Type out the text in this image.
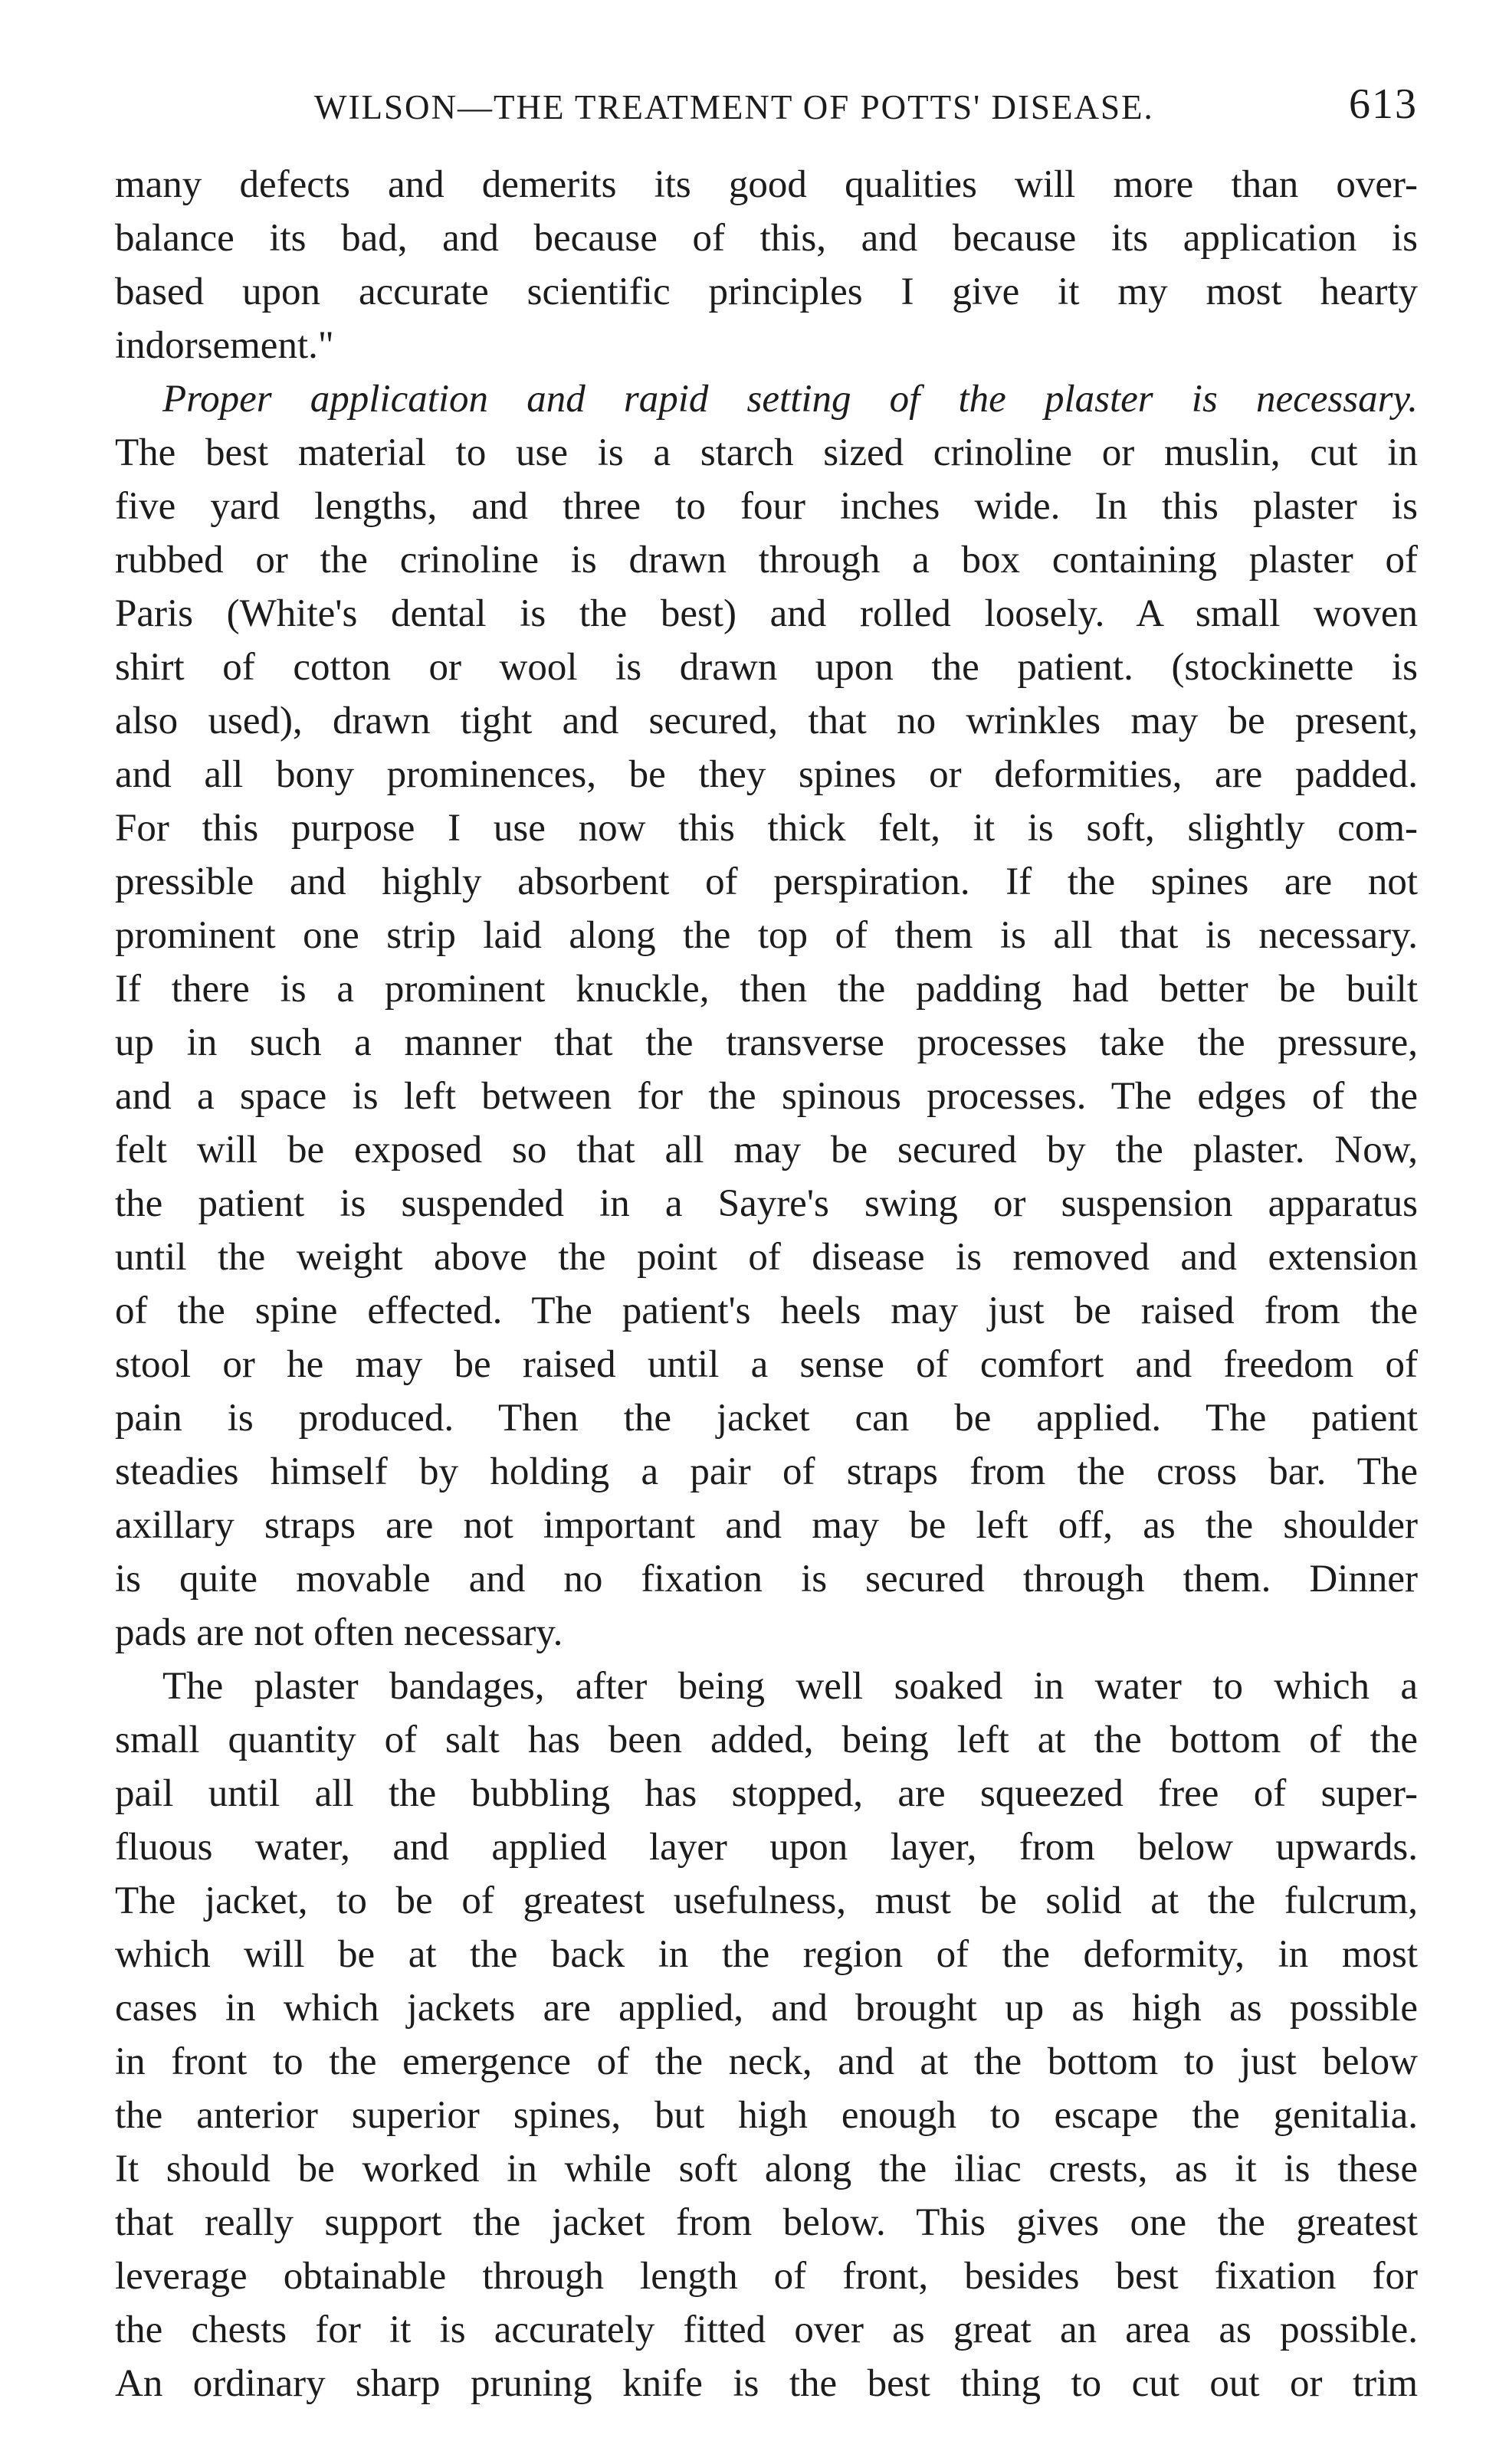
WILSON—THE TREATMENT OF POTTS' DISEASE.	613
many defects and demerits its good qualities will more than over-
balance its bad, and because of this, and because its application is
based upon accurate scientific principles I give it my most hearty
indorsement."
Proper application and rapid setting of the plaster is necessary.
The best material to use is a starch sized crinoline or muslin, cut in
five yard lengths, and three to four inches wide. In this plaster is
rubbed or the crinoline is drawn through a box containing plaster of
Paris (White's dental is the best) and rolled loosely. A small woven
shirt of cotton or wool is drawn upon the patient. (stockinette is
also used), drawn tight and secured, that no wrinkles may be present,
and all bony prominences, be they spines or deformities, are padded.
For this purpose I use now this thick felt, it is soft, slightly com-
pressible and highly absorbent of perspiration. If the spines are not
prominent one strip laid along the top of them is all that is necessary.
If there is a prominent knuckle, then the padding had better be built
up in such a manner that the transverse processes take the pressure,
and a space is left between for the spinous processes. The edges of the
felt will be exposed so that all may be secured by the plaster. Now,
the patient is suspended in a Sayre's swing or suspension apparatus
until the weight above the point of disease is removed and extension
of the spine effected. The patient's heels may just be raised from the
stool or he may be raised until a sense of comfort and freedom of
pain is produced. Then the jacket can be applied. The patient
steadies himself by holding a pair of straps from the cross bar. The
axillary straps are not important and may be left off, as the shoulder
is quite movable and no fixation is secured through them. Dinner
pads are not often necessary.
The plaster bandages, after being well soaked in water to which a
small quantity of salt has been added, being left at the bottom of the
pail until all the bubbling has stopped, are squeezed free of super-
fluous water, and applied layer upon layer, from below upwards.
The jacket, to be of greatest usefulness, must be solid at the fulcrum,
which will be at the back in the region of the deformity, in most
cases in which jackets are applied, and brought up as high as possible
in front to the emergence of the neck, and at the bottom to just below
the anterior superior spines, but high enough to escape the genitalia.
It should be worked in while soft along the iliac crests, as it is these
that really support the jacket from below. This gives one the greatest
leverage obtainable through length of front, besides best fixation for
the chests for it is accurately fitted over as great an area as possible.
An ordinary sharp pruning knife is the best thing to cut out or trim
